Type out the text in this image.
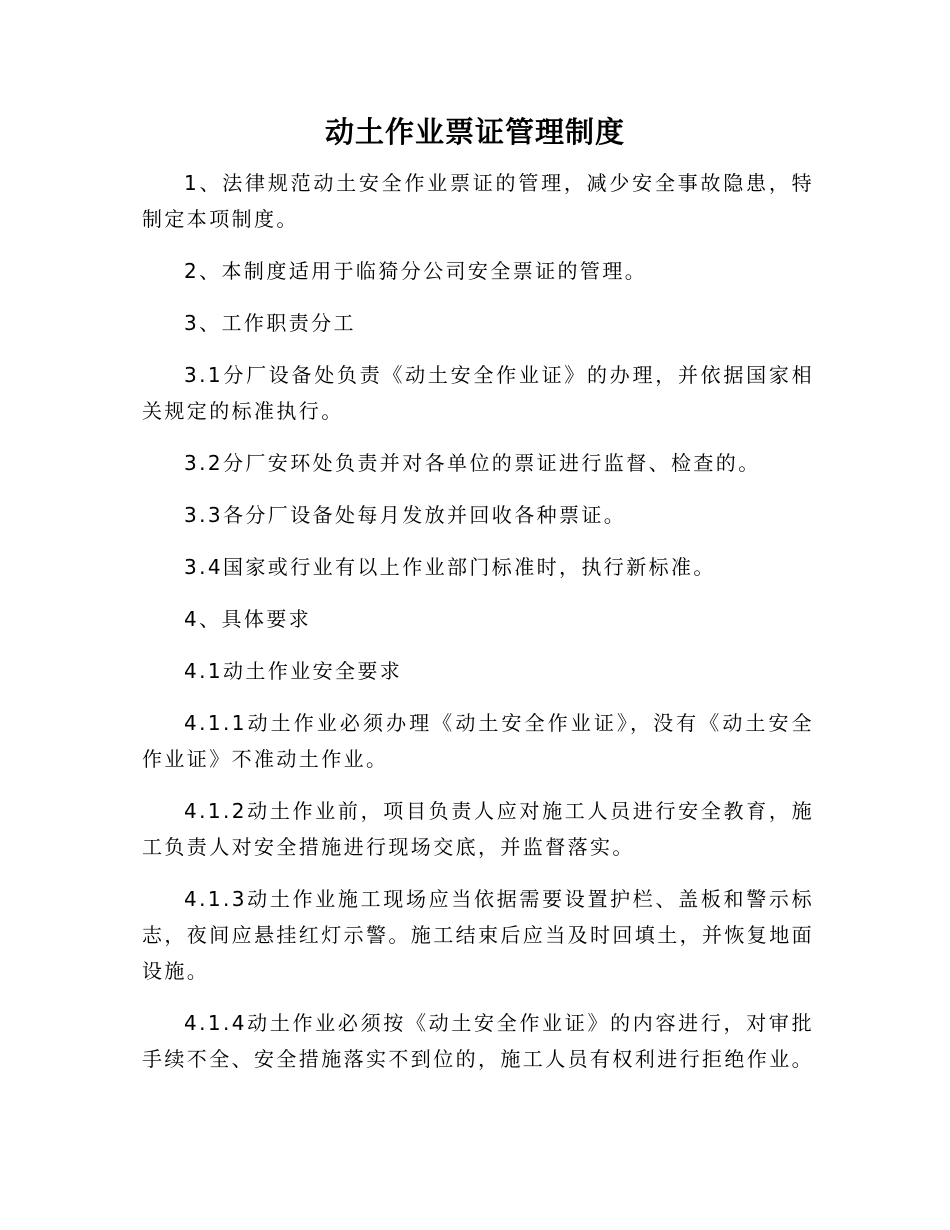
动土作业票证管理制度

1、法律规范动土安全作业票证的管理，减少安全事故隐患，特制定本项制度。

2、本制度适用于临猗分公司安全票证的管理。

3、工作职责分工

3.1分厂设备处负责《动土安全作业证》的办理，并依据国家相关规定的标准执行。

3.2分厂安环处负责并对各单位的票证进行监督、检查的。

3.3各分厂设备处每月发放并回收各种票证。

3.4国家或行业有以上作业部门标准时，执行新标准。

4、具体要求

4.1动土作业安全要求

4.1.1动土作业必须办理《动土安全作业证》，没有《动土安全作业证》不准动土作业。

4.1.2动土作业前，项目负责人应对施工人员进行安全教育，施工负责人对安全措施进行现场交底，并监督落实。

4.1.3动土作业施工现场应当依据需要设置护栏、盖板和警示标志，夜间应悬挂红灯示警。施工结束后应当及时回填土，并恢复地面设施。

4.1.4动土作业必须按《动土安全作业证》的内容进行，对审批手续不全、安全措施落实不到位的，施工人员有权利进行拒绝作业。
